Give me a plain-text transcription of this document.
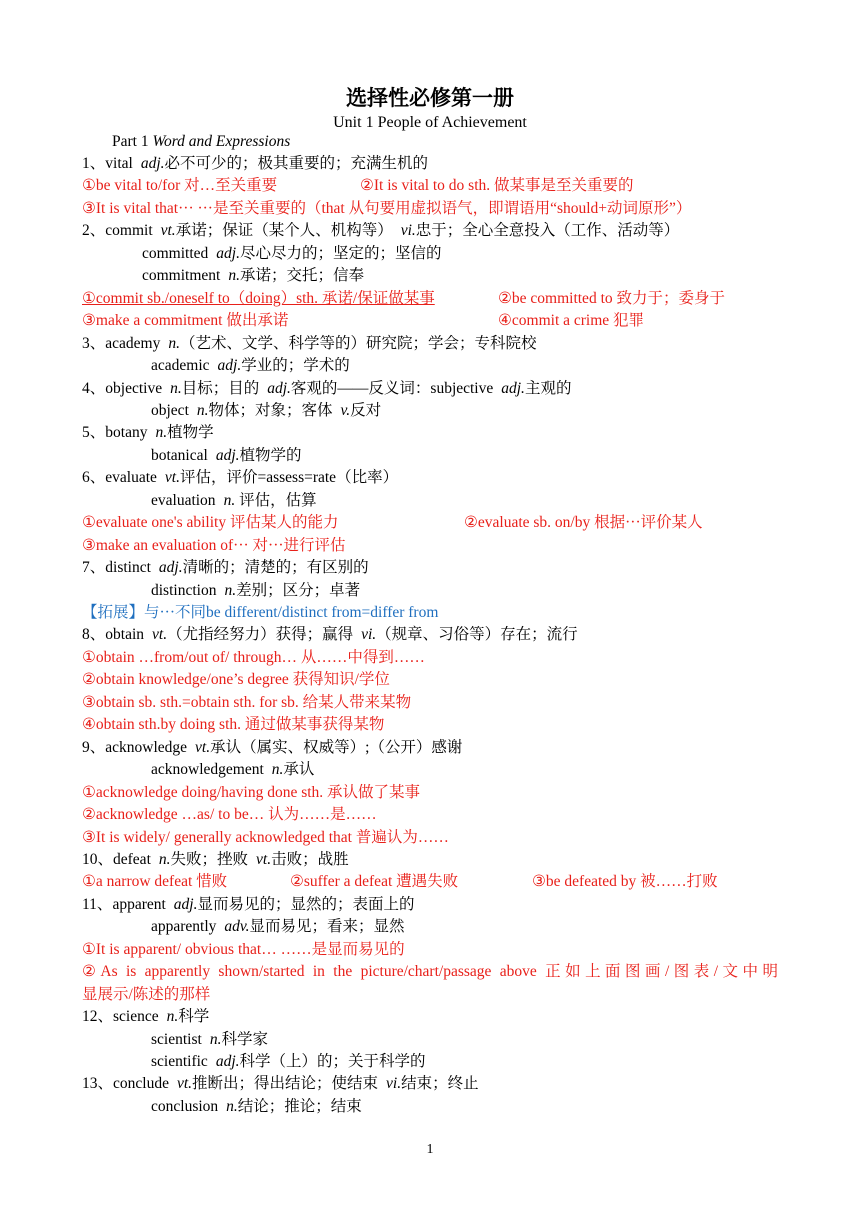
选择性必修第一册
Unit 1 People of Achievement
Part 1 Word and Expressions
1、vital adj.必不可少的；极其重要的；充满生机的
①be vital to/for 对…至关重要	②It is vital to do sth. 做某事是至关重要的
③It is vital that··· ···是至关重要的（that 从句要用虚拟语气，即谓语用“should+动词原形”）
2、commit vt.承诺；保证（某个人、机构等） vi.忠于；全心全意投入（工作、活动等）
committed adj.尽心尽力的；坚定的；坚信的
commitment n.承诺；交托；信奉
①commit sb./oneself to（doing）sth. 承诺/保证做某事	②be committed to 致力于；委身于
③make a commitment 做出承诺	④commit a crime 犯罪
3、academy n.（艺术、文学、科学等的）研究院；学会；专科院校
academic adj.学业的；学术的
4、objective n.目标；目的 adj.客观的——反义词：subjective adj.主观的
object n.物体；对象；客体 v.反对
5、botany n.植物学
botanical adj.植物学的
6、evaluate vt.评估，评价=assess=rate（比率）
evaluation n. 评估，估算
①evaluate one's ability 评估某人的能力	②evaluate sb. on/by 根据···评价某人
③make an evaluation of··· 对···进行评估
7、distinct adj.清晰的；清楚的；有区别的
distinction n.差别；区分；卓著
【拓展】与···不同be different/distinct from=differ from
8、obtain vt.（尤指经努力）获得；赢得 vi.（规章、习俗等）存在；流行
①obtain …from/out of/ through… 从……中得到……
②obtain knowledge/one’s degree 获得知识/学位
③obtain sb. sth.=obtain sth. for sb. 给某人带来某物
④obtain sth.by doing sth. 通过做某事获得某物
9、acknowledge vt.承认（属实、权威等）;（公开）感谢
acknowledgement n.承认
①acknowledge doing/having done sth. 承认做了某事
②acknowledge …as/ to be… 认为……是……
③It is widely/ generally acknowledged that 普遍认为……
10、defeat n.失败；挫败 vt.击败；战胜
①a narrow defeat 惜败	②suffer a defeat 遭遇失败	③be defeated by 被……打败
11、apparent adj.显而易见的；显然的；表面上的
apparently adv.显而易见；看来；显然
①It is apparent/ obvious that… ……是显而易见的
②As is apparently shown/started in the picture/chart/passage above 正如上面图画/图表/文中明
显展示/陈述的那样
12、science n.科学
scientist n.科学家
scientific adj.科学（上）的；关于科学的
13、conclude vt.推断出；得出结论；使结束 vi.结束；终止
conclusion n.结论；推论；结束
1
